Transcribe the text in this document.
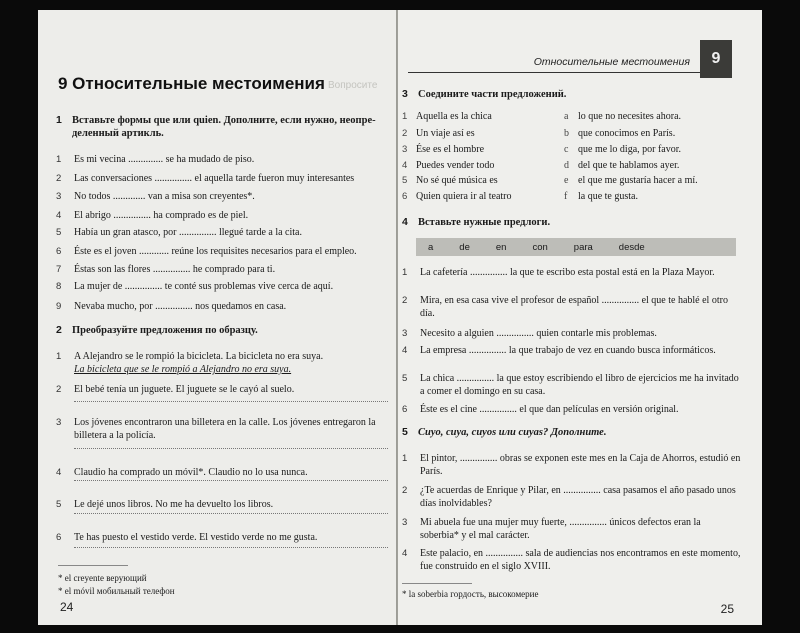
Вопросите
9 Относительные местоимения
1 Вставьте формы que или quien. Дополните, если нужно, неопре-деленный артикль.
1	Es mi vecina .............. se ha mudado de piso.
2	Las conversaciones ............... el aquella tarde fueron muy interesantes
3	No todos ............. van a misa son creyentes*.
4	El abrigo ............... ha comprado es de piel.
5	Había un gran atasco, por ............... llegué tarde a la cita.
6	Éste es el joven ............ reúne los requisites necesarios para el empleo.
7	Éstas son las flores ............... he comprado para ti.
8	La mujer de ............... te conté sus problemas vive cerca de aquí.
9	Nevaba mucho, por ............... nos quedamos en casa.
2 Преобразуйте предложения по образцу.
1	A Alejandro se le rompió la bicicleta. La bicicleta no era suya.
La bicicleta que se le rompió a Alejandro no era suya.
2	El bebé tenía un juguete. El juguete se le cayó al suelo.
3	Los jóvenes encontraron una billetera en la calle. Los jóvenes entregaron la billetera a la policía.
4	Claudio ha comprado un móvil*. Claudio no lo usa nunca.
5	Le dejé unos libros. No me ha devuelto los libros.
6	Te has puesto el vestido verde. El vestido verde no me gusta.
* el creyente верующий
* el móvil мобильный телефон
24
Относительные местоимения	9
3 Соедините части предложений.
1 Aquella es la chica
2 Un viaje así es
3 Ése es el hombre
4 Puedes vender todo
5 No sé qué música es
6 Quien quiera ir al teatro
a lo que no necesites ahora.
b que conocimos en París.
c que me lo diga, por favor.
d del que te hablamos ayer.
e el que me gustaría hacer a mí.
f la que te gusta.
4 Вставьте нужные предлоги.
a	de	en	con	para	desde
1	La cafetería ............... la que te escribo esta postal está en la Plaza Mayor.
2	Mira, en esa casa vive el profesor de español ............... el que te hablé el otro día.
3	Necesito a alguien ............... quien contarle mis problemas.
4	La empresa ............... la que trabajo de vez en cuando busca informáticos.
5	La chica ............... la que estoy escribiendo el libro de ejercicios me ha invitado a comer el domingo en su casa.
6	Éste es el cine ............... el que dan películas en versión original.
5 Cuyo, cuya, cuyos или cuyas? Дополните.
1	El pintor, ............... obras se exponen este mes en la Caja de Ahorros, estudió en París.
2	¿Te acuerdas de Enrique y Pilar, en ............... casa pasamos el año pasado unos días inolvidables?
3	Mi abuela fue una mujer muy fuerte, ............... únicos defectos eran la soberbia* y el mal carácter.
4	Este palacio, en ............... sala de audiencias nos encontramos en este momento, fue construido en el siglo XVIII.
* la soberbia гордость, высокомерие
25
